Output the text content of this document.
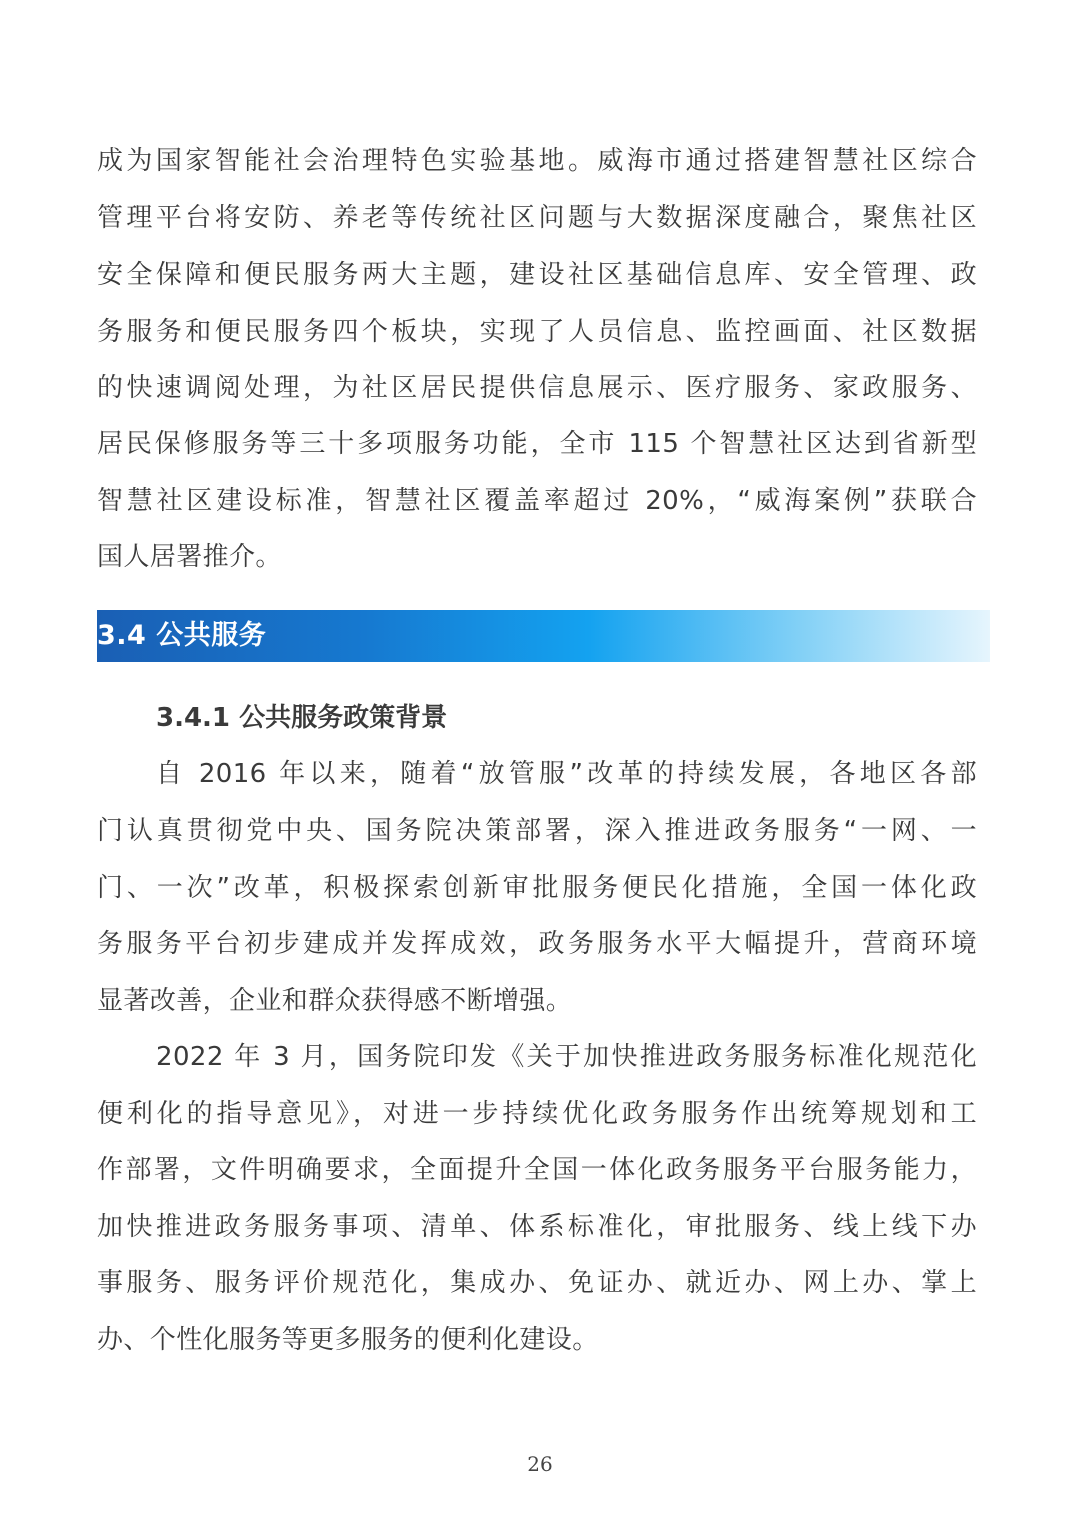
成为国家智能社会治理特色实验基地。威海市通过搭建智慧社区综合
管理平台将安防、养老等传统社区问题与大数据深度融合，聚焦社区
安全保障和便民服务两大主题，建设社区基础信息库、安全管理、政
务服务和便民服务四个板块，实现了人员信息、监控画面、社区数据
的快速调阅处理，为社区居民提供信息展示、医疗服务、家政服务、
居民保修服务等三十多项服务功能，全市 115 个智慧社区达到省新型
智慧社区建设标准，智慧社区覆盖率超过 20%，“威海案例”获联合
国人居署推介。
3.4 公共服务
3.4.1 公共服务政策背景
自 2016 年以来，随着“放管服”改革的持续发展，各地区各部
门认真贯彻党中央、国务院决策部署，深入推进政务服务“一网、一
门、一次”改革，积极探索创新审批服务便民化措施，全国一体化政
务服务平台初步建成并发挥成效，政务服务水平大幅提升，营商环境
显著改善，企业和群众获得感不断增强。
2022 年 3 月，国务院印发《关于加快推进政务服务标准化规范化
便利化的指导意见》，对进一步持续优化政务服务作出统筹规划和工
作部署，文件明确要求，全面提升全国一体化政务服务平台服务能力，
加快推进政务服务事项、清单、体系标准化，审批服务、线上线下办
事服务、服务评价规范化，集成办、免证办、就近办、网上办、掌上
办、个性化服务等更多服务的便利化建设。
26
